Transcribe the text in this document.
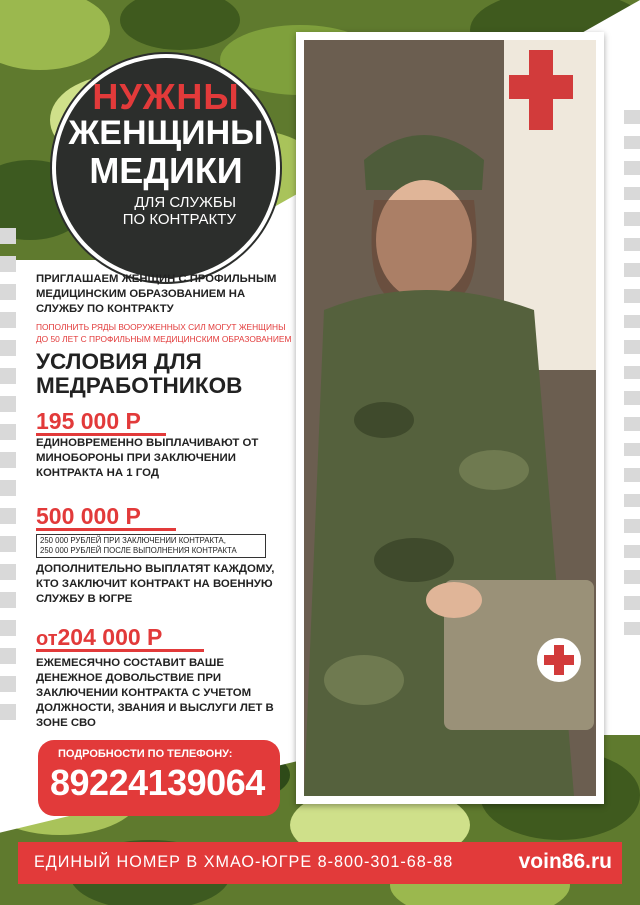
НУЖНЫ
ЖЕНЩИНЫ
МЕДИКИ
ДЛЯ СЛУЖБЫ
ПО КОНТРАКТУ
ПРИГЛАШАЕМ ЖЕНЩИН С ПРОФИЛЬНЫМ МЕДИЦИНСКИМ ОБРАЗОВАНИЕМ НА СЛУЖБУ ПО КОНТРАКТУ
ПОПОЛНИТЬ РЯДЫ ВООРУЖЕННЫХ СИЛ МОГУТ ЖЕНЩИНЫ ДО 50 ЛЕТ С ПРОФИЛЬНЫМ МЕДИЦИНСКИМ ОБРАЗОВАНИЕМ
УСЛОВИЯ ДЛЯ МЕДРАБОТНИКОВ
195 000 Р
ЕДИНОВРЕМЕННО ВЫПЛАЧИВАЮТ ОТ МИНОБОРОНЫ ПРИ ЗАКЛЮЧЕНИИ КОНТРАКТА НА 1 ГОД
500 000 Р
250 000 РУБЛЕЙ ПРИ ЗАКЛЮЧЕНИИ КОНТРАКТА,
250 000 РУБЛЕЙ ПОСЛЕ ВЫПОЛНЕНИЯ КОНТРАКТА
ДОПОЛНИТЕЛЬНО ВЫПЛАТЯТ КАЖДОМУ, КТО ЗАКЛЮЧИТ КОНТРАКТ НА ВОЕННУЮ СЛУЖБУ В ЮГРЕ
от204 000 Р
ЕЖЕМЕСЯЧНО СОСТАВИТ ВАШЕ ДЕНЕЖНОЕ ДОВОЛЬСТВИЕ ПРИ ЗАКЛЮЧЕНИИ КОНТРАКТА С УЧЕТОМ ДОЛЖНОСТИ, ЗВАНИЯ И ВЫСЛУГИ ЛЕТ В ЗОНЕ СВО
ПОДРОБНОСТИ ПО ТЕЛЕФОНУ:
89224139064
ЕДИНЫЙ НОМЕР В ХМАО-ЮГРЕ 8-800-301-68-88	voin86.ru
